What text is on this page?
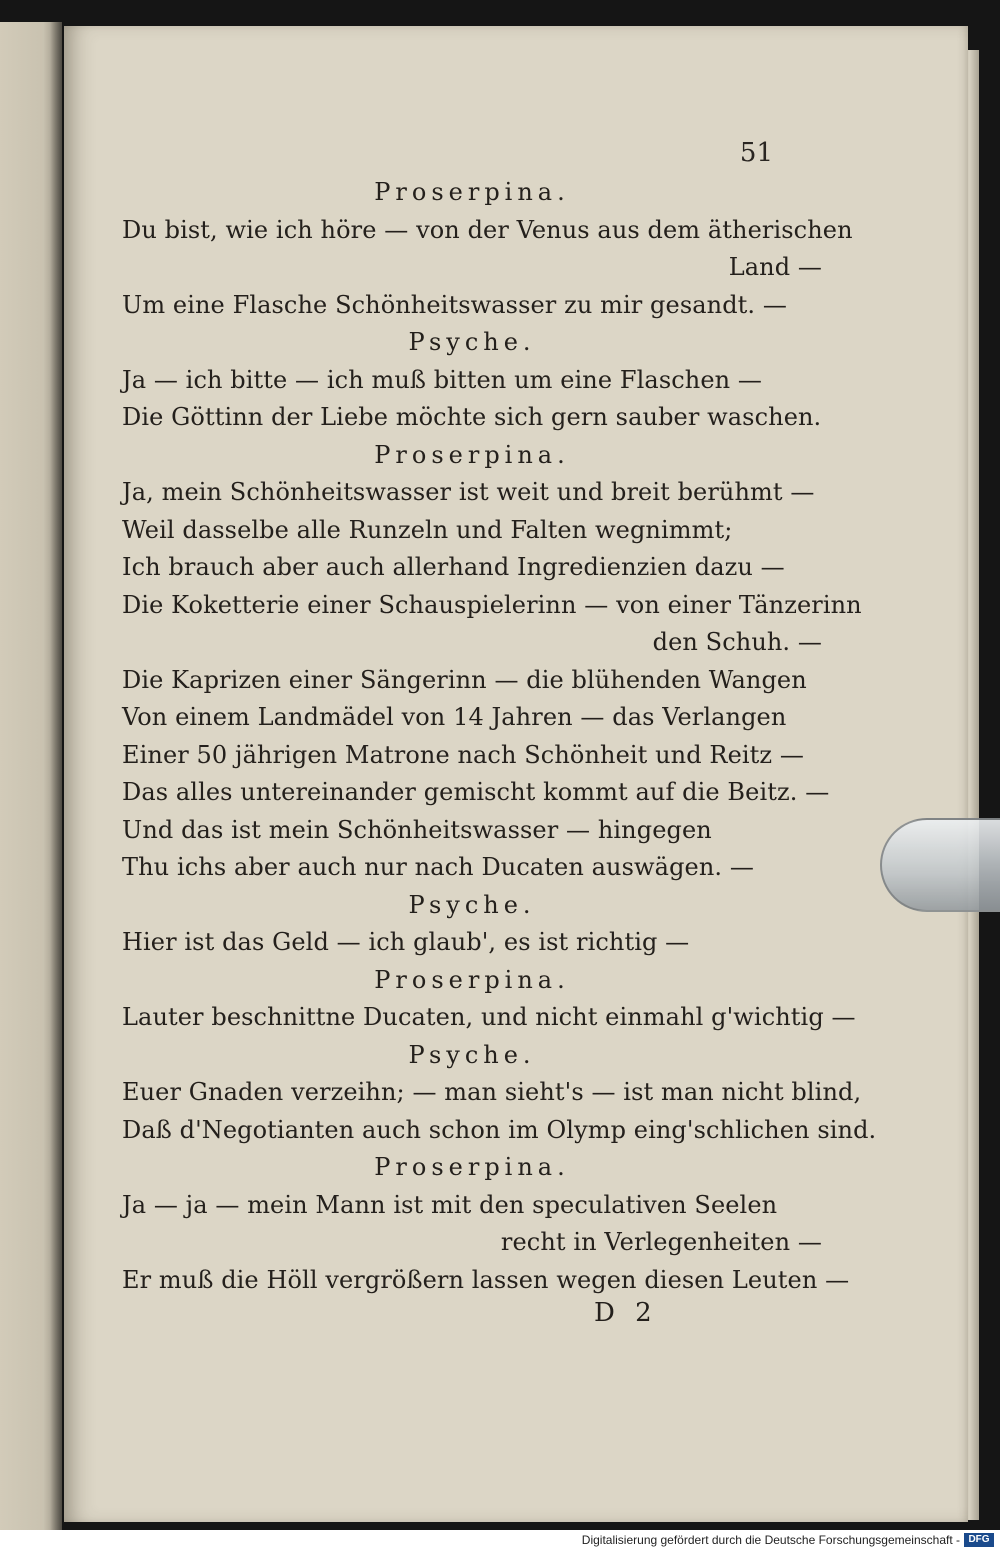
51
Proserpina.
Du bist, wie ich höre — von der Venus aus dem ätherischen
Land —
Um eine Flasche Schönheitswasser zu mir gesandt. —
Psyche.
Ja — ich bitte — ich muß bitten um eine Flaschen —
Die Göttinn der Liebe möchte sich gern sauber waschen.
Proserpina.
Ja, mein Schönheitswasser ist weit und breit berühmt —
Weil dasselbe alle Runzeln und Falten wegnimmt;
Ich brauch aber auch allerhand Ingredienzien dazu —
Die Koketterie einer Schauspielerinn — von einer Tänzerinn
den Schuh. —
Die Kaprizen einer Sängerinn — die blühenden Wangen
Von einem Landmädel von 14 Jahren — das Verlangen
Einer 50 jährigen Matrone nach Schönheit und Reitz —
Das alles untereinander gemischt kommt auf die Beitz. —
Und das ist mein Schönheitswasser — hingegen
Thu ichs aber auch nur nach Ducaten auswägen. —
Psyche.
Hier ist das Geld — ich glaub', es ist richtig —
Proserpina.
Lauter beschnittne Ducaten, und nicht einmahl g'wichtig —
Psyche.
Euer Gnaden verzeihn; — man sieht's — ist man nicht blind,
Daß d'Negotianten auch schon im Olymp eing'schlichen sind.
Proserpina.
Ja — ja — mein Mann ist mit den speculativen Seelen
recht in Verlegenheiten —
Er muß die Höll vergrößern lassen wegen diesen Leuten —
D 2
Digitalisierung gefördert durch die Deutsche Forschungsgemeinschaft - DFG
